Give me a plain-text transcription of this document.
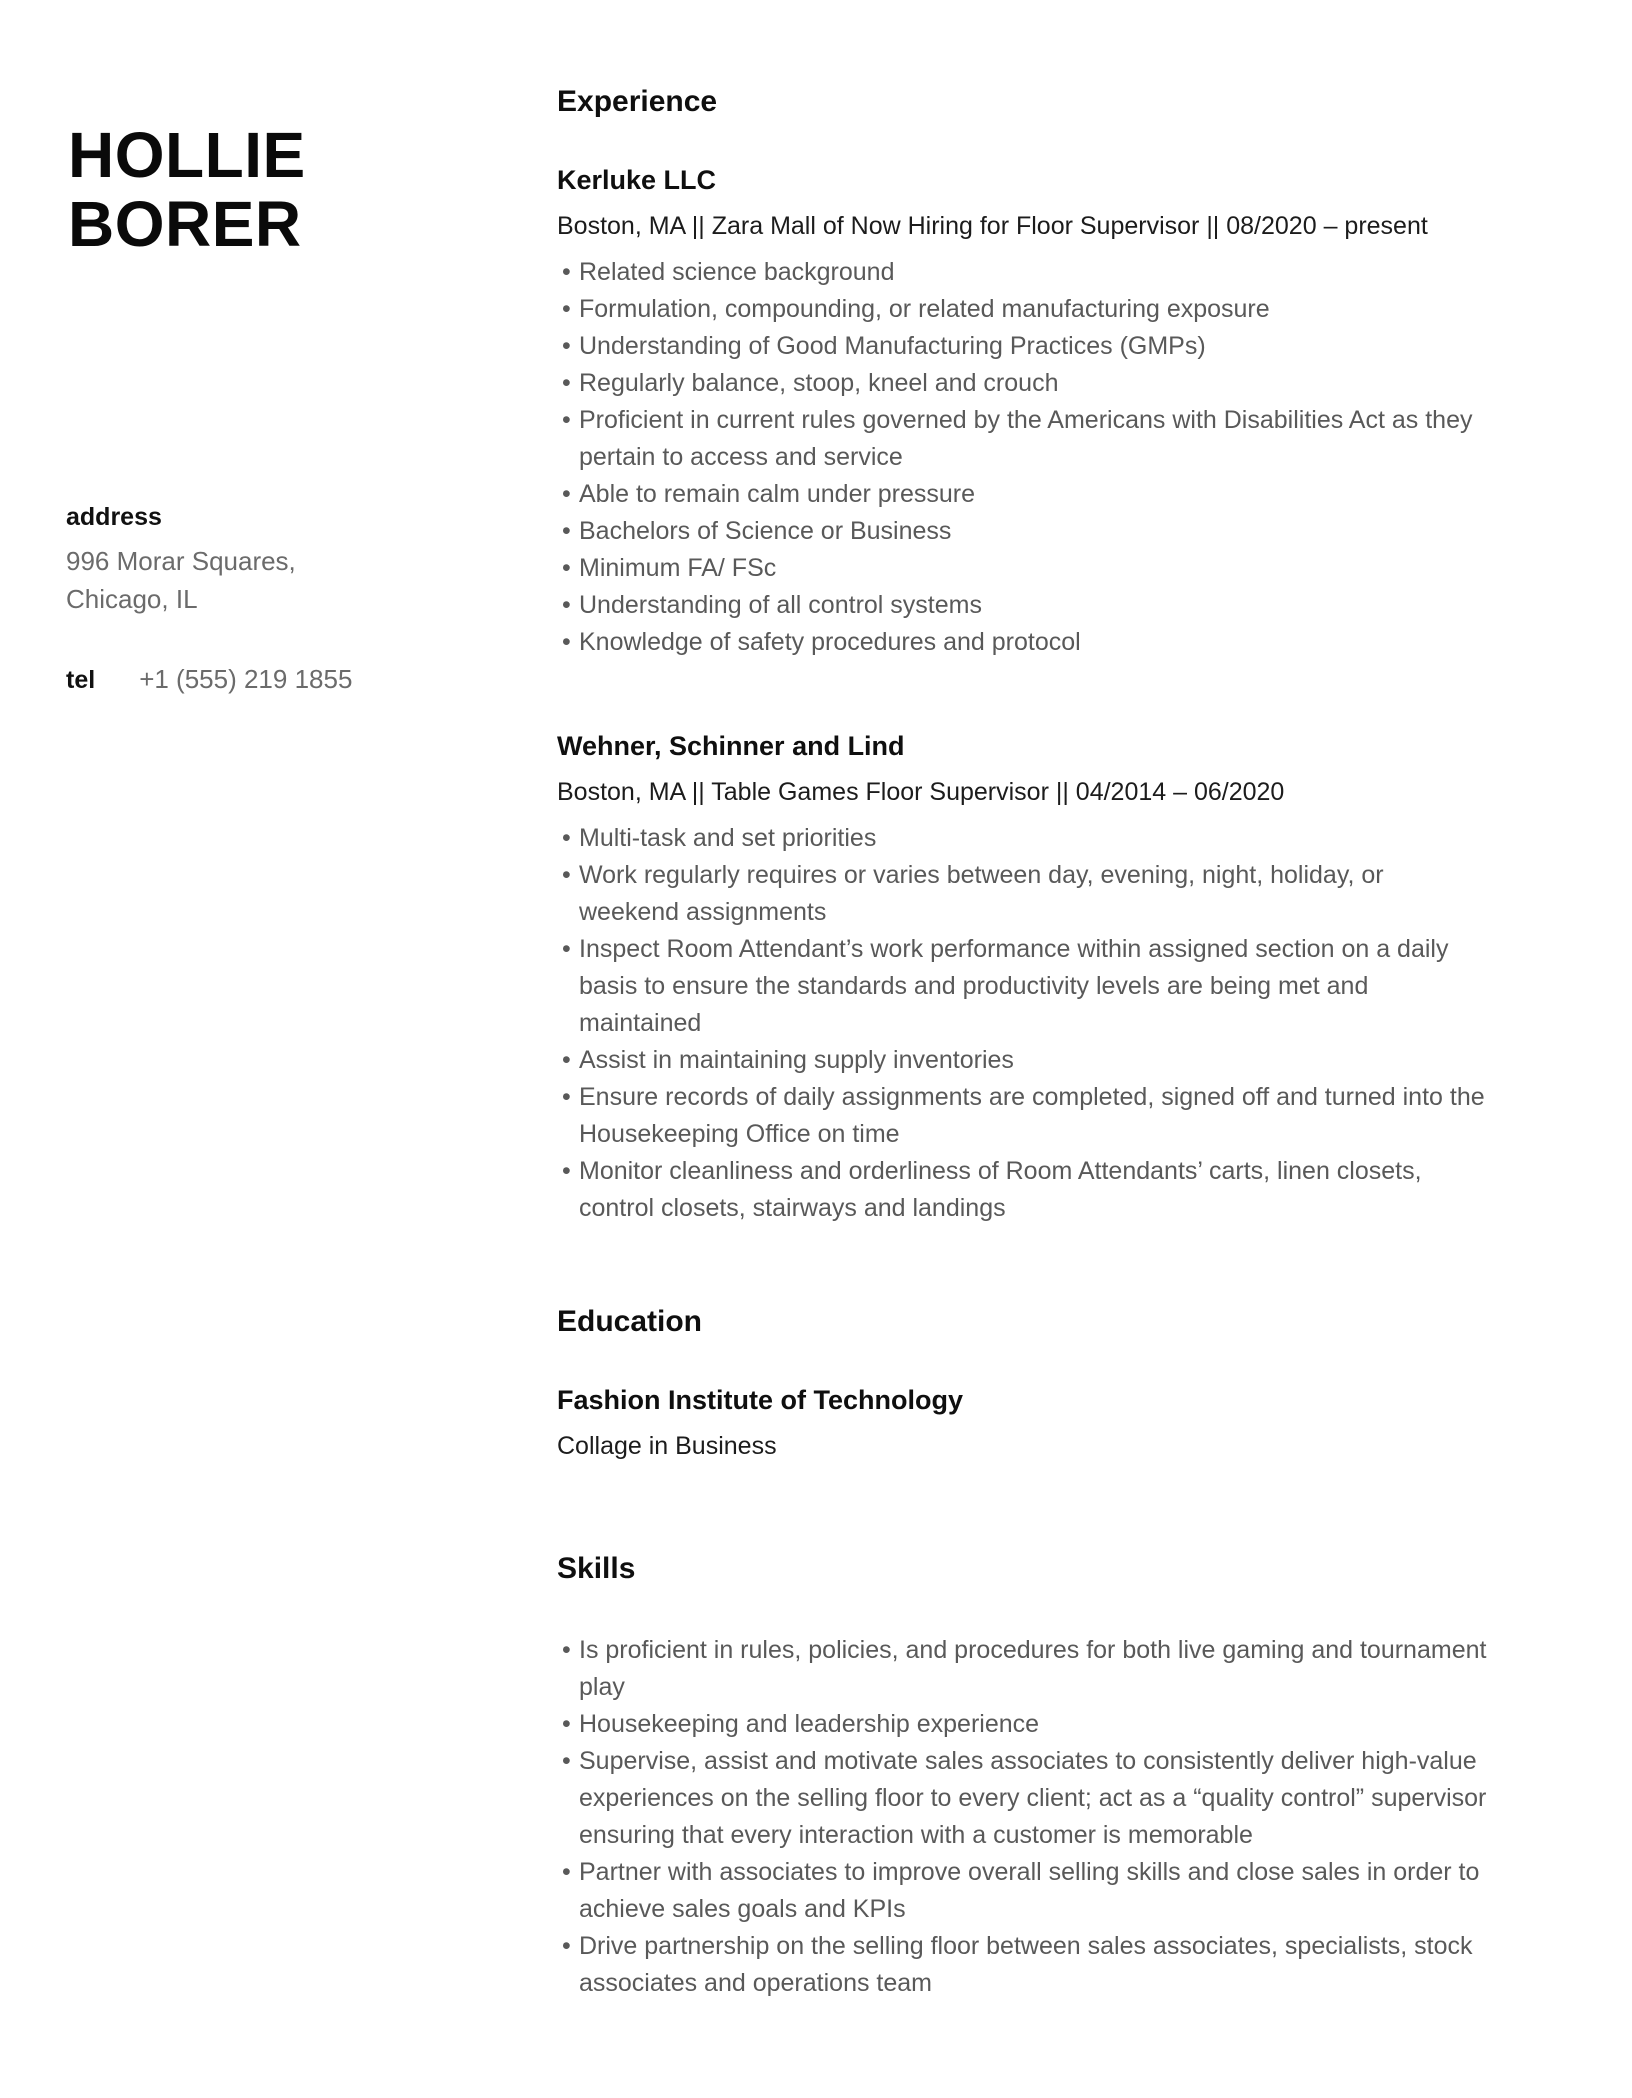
HOLLIE
BORER

address

996 Morar Squares,

Chicago, IL

tel +1 (555) 219 1855
Experience
Kerluke LLC

Boston, MA || Zara Mall of Now Hiring for Floor Supervisor || 08/2020 – present

• Related science background
• Formulation, compounding, or related manufacturing exposure
• Understanding of Good Manufacturing Practices (GMPs)
• Regularly balance, stoop, kneel and crouch
• Proficient in current rules governed by the Americans with Disabilities Act as they pertain to access and service
• Able to remain calm under pressure
• Bachelors of Science or Business
• Minimum FA/ FSc
• Understanding of all control systems
• Knowledge of safety procedures and protocol
Wehner, Schinner and Lind

Boston, MA || Table Games Floor Supervisor || 04/2014 – 06/2020

• Multi-task and set priorities
• Work regularly requires or varies between day, evening, night, holiday, or weekend assignments
• Inspect Room Attendant’s work performance within assigned section on a daily basis to ensure the standards and productivity levels are being met and maintained
• Assist in maintaining supply inventories
• Ensure records of daily assignments are completed, signed off and turned into the Housekeeping Office on time
• Monitor cleanliness and orderliness of Room Attendants’ carts, linen closets, control closets, stairways and landings
Education
Fashion Institute of Technology

Collage in Business

Skills
• Is proficient in rules, policies, and procedures for both live gaming and tournament play
• Housekeeping and leadership experience
• Supervise, assist and motivate sales associates to consistently deliver high-value experiences on the selling floor to every client; act as a “quality control” supervisor ensuring that every interaction with a customer is memorable
• Partner with associates to improve overall selling skills and close sales in order to achieve sales goals and KPIs
• Drive partnership on the selling floor between sales associates, specialists, stock associates and operations team
